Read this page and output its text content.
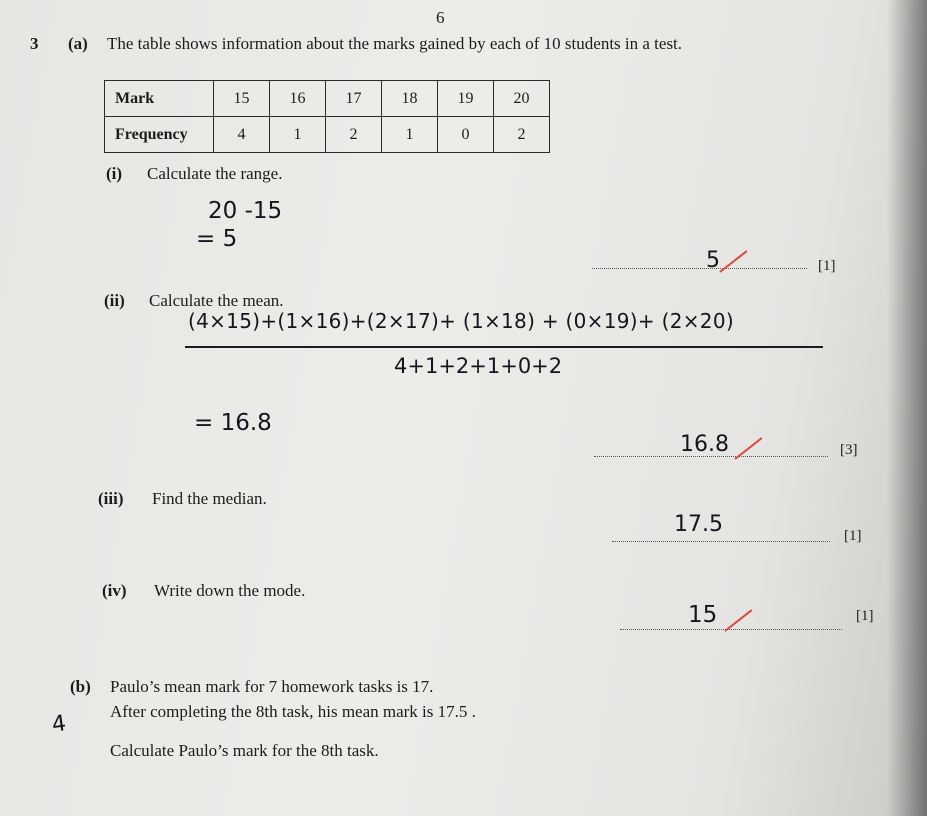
6
3 (a) The table shows information about the marks gained by each of 10 students in a test.
Mark	15	16	17	18	19	20
Frequency	4	1	2	1	0	2
(i) Calculate the range.
20 -15
= 5
5	[1]
(ii) Calculate the mean.
(4×15)+(1×16)+(2×17)+ (1×18) + (0×19)+ (2×20)
4+1+2+1+0+2
= 16.8
16.8	[3]
(iii) Find the median.
17.5	[1]
(iv) Write down the mode.
15	[1]
(b) Paulo’s mean mark for 7 homework tasks is 17.
After completing the 8th task, his mean mark is 17.5 .
4
Calculate Paulo’s mark for the 8th task.
